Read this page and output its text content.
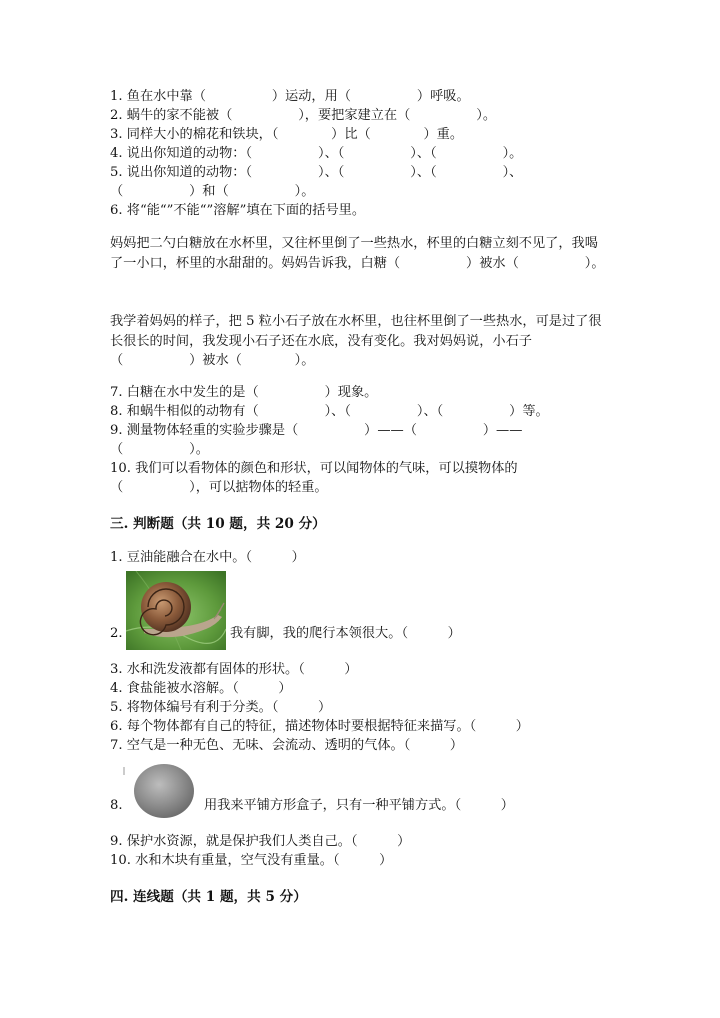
1. 鱼在水中靠（　　　　　）运动，用（　　　　　）呼吸。
2. 蜗牛的家不能被（　　　　　），要把家建立在（　　　　　）。
3. 同样大小的棉花和铁块，（　　　　）比（　　　　）重。
4. 说出你知道的动物：（　　　　　）、（　　　　　）、（　　　　　）。
5. 说出你知道的动物：（　　　　　）、（　　　　　）、（　　　　　）、
（　　　　　）和（　　　　　）。
6. 将“能“”不能“”溶解”填在下面的括号里。
妈妈把二勺白糖放在水杯里，又往杯里倒了一些热水，杯里的白糖立刻不见了，我喝了一小口，杯里的水甜甜的。妈妈告诉我，白糖（　　　　　）被水（　　　　　）。
我学着妈妈的样子，把 5 粒小石子放在水杯里，也往杯里倒了一些热水，可是过了很长很长的时间，我发现小石子还在水底，没有变化。我对妈妈说，小石子（　　　　　）被水（　　　　）。
7. 白糖在水中发生的是（　　　　　）现象。
8. 和蜗牛相似的动物有（　　　　　）、（　　　　　）、（　　　　　）等。
9. 测量物体轻重的实验步骤是（　　　　　）——（　　　　　）——
（　　　　　）。
10. 我们可以看物体的颜色和形状，可以闻物体的气味，可以摸物体的
（　　　　　），可以掂物体的轻重。
三. 判断题（共 10 题，共 20 分）
1. 豆油能融合在水中。（　　　）
2.	我有脚，我的爬行本领很大。（　　　）
3. 水和洗发液都有固体的形状。（　　　）
4. 食盐能被水溶解。（　　　）
5. 将物体编号有利于分类。（　　　）
6. 每个物体都有自己的特征，描述物体时要根据特征来描写。（　　　）
7. 空气是一种无色、无味、会流动、透明的气体。（　　　）
8.	用我来平铺方形盒子，只有一种平铺方式。（　　　）
9. 保护水资源，就是保护我们人类自己。（　　　）
10. 水和木块有重量，空气没有重量。（　　　）
四. 连线题（共 1 题，共 5 分）
